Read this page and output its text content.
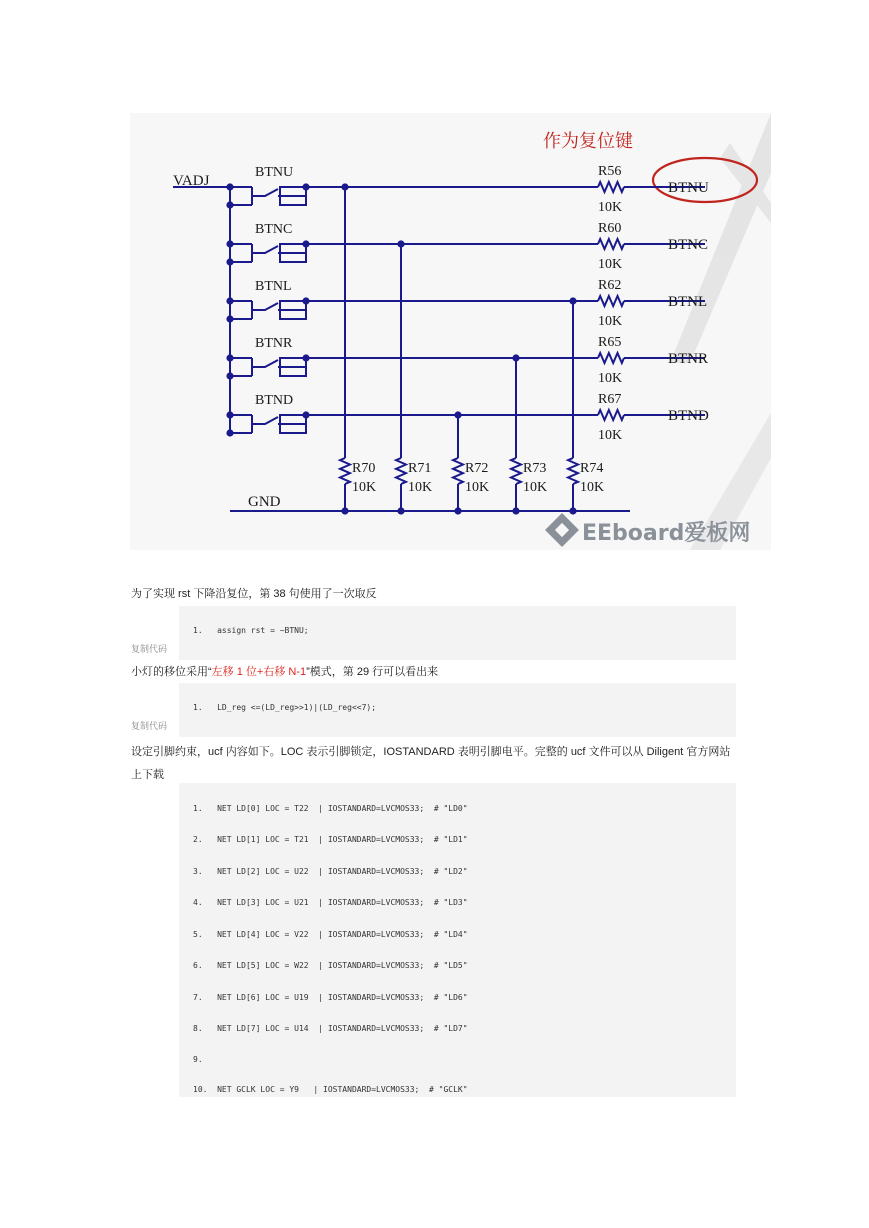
作为复位键
VADJ
BTNU	R56
10K
BTNU
BTNC	R60
10K
BTNC
BTNL	R62
10K
BTNL
BTNR	R65
10K
BTNR
BTND	R67
10K
BTND
R70
10K
R71
10K
R72
10K
R73
10K
R74
10K
GND
EEboard爱板网
为了实现 rst 下降沿复位，第 38 句使用了一次取反
1.   assign rst = ~BTNU;
复制代码
小灯的移位采用“左移 1 位+右移 N-1”模式，第 29 行可以看出来
1.   LD_reg <=(LD_reg>>1)|(LD_reg<<7);
复制代码
设定引脚约束，ucf 内容如下。LOC 表示引脚锁定，IOSTANDARD 表明引脚电平。完整的 ucf 文件可以从 Diligent 官方网站上下载
1.   NET LD[0] LOC = T22  | IOSTANDARD=LVCMOS33;  # "LD0"
2.   NET LD[1] LOC = T21  | IOSTANDARD=LVCMOS33;  # "LD1"
3.   NET LD[2] LOC = U22  | IOSTANDARD=LVCMOS33;  # "LD2"
4.   NET LD[3] LOC = U21  | IOSTANDARD=LVCMOS33;  # "LD3"
5.   NET LD[4] LOC = V22  | IOSTANDARD=LVCMOS33;  # "LD4"
6.   NET LD[5] LOC = W22  | IOSTANDARD=LVCMOS33;  # "LD5"
7.   NET LD[6] LOC = U19  | IOSTANDARD=LVCMOS33;  # "LD6"
8.   NET LD[7] LOC = U14  | IOSTANDARD=LVCMOS33;  # "LD7"
9.
10.  NET GCLK LOC = Y9   | IOSTANDARD=LVCMOS33;  # "GCLK"
